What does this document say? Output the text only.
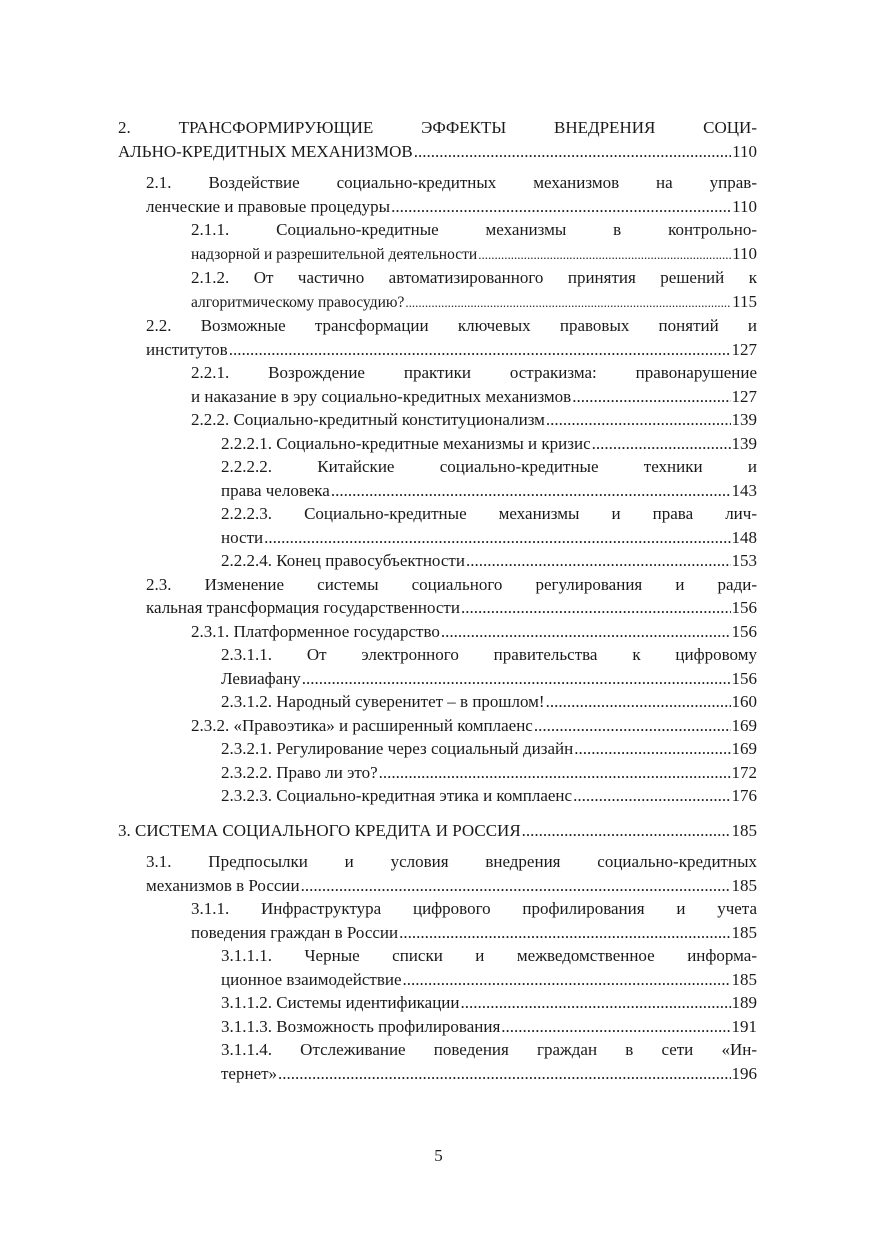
2. ТРАНСФОРМИРУЮЩИЕ ЭФФЕКТЫ ВНЕДРЕНИЯ СОЦИ-
АЛЬНО-КРЕДИТНЫХ МЕХАНИЗМОВ .....	110
2.1. Воздействие социально-кредитных механизмов на управ-
ленческие и правовые процедуры .....	110
2.1.1. Социально-кредитные механизмы в контрольно-
надзорной и разрешительной деятельности .....	110
2.1.2. От частично автоматизированного принятия решений к
алгоритмическому правосудию? .....	115
2.2. Возможные трансформации ключевых правовых понятий и
институтов .....	127
2.2.1. Возрождение практики остракизма: правонарушение
и наказание в эру социально-кредитных механизмов .....	127
2.2.2. Социально-кредитный конституционализм .....	139
2.2.2.1. Социально-кредитные механизмы и кризис .....	139
2.2.2.2. Китайские социально-кредитные техники и
права человека .....	143
2.2.2.3. Социально-кредитные механизмы и права лич-
ности .....	148
2.2.2.4. Конец правосубъектности .....	153
2.3. Изменение системы социального регулирования и ради-
кальная трансформация государственности .....	156
2.3.1. Платформенное государство .....	156
2.3.1.1. От электронного правительства к цифровому
Левиафану .....	156
2.3.1.2. Народный суверенитет – в прошлом! .....	160
2.3.2. «Правоэтика» и расширенный комплаенс .....	169
2.3.2.1. Регулирование через социальный дизайн .....	169
2.3.2.2. Право ли это? .....	172
2.3.2.3. Социально-кредитная этика и комплаенс .....	176
3. СИСТЕМА СОЦИАЛЬНОГО КРЕДИТА И РОССИЯ .....	185
3.1. Предпосылки и условия внедрения социально-кредитных
механизмов в России .....	185
3.1.1. Инфраструктура цифрового профилирования и учета
поведения граждан в России .....	185
3.1.1.1. Черные списки и межведомственное информа-
ционное взаимодействие .....	185
3.1.1.2. Системы идентификации .....	189
3.1.1.3. Возможность профилирования .....	191
3.1.1.4. Отслеживание поведения граждан в сети «Ин-
тернет» .....	196
5
